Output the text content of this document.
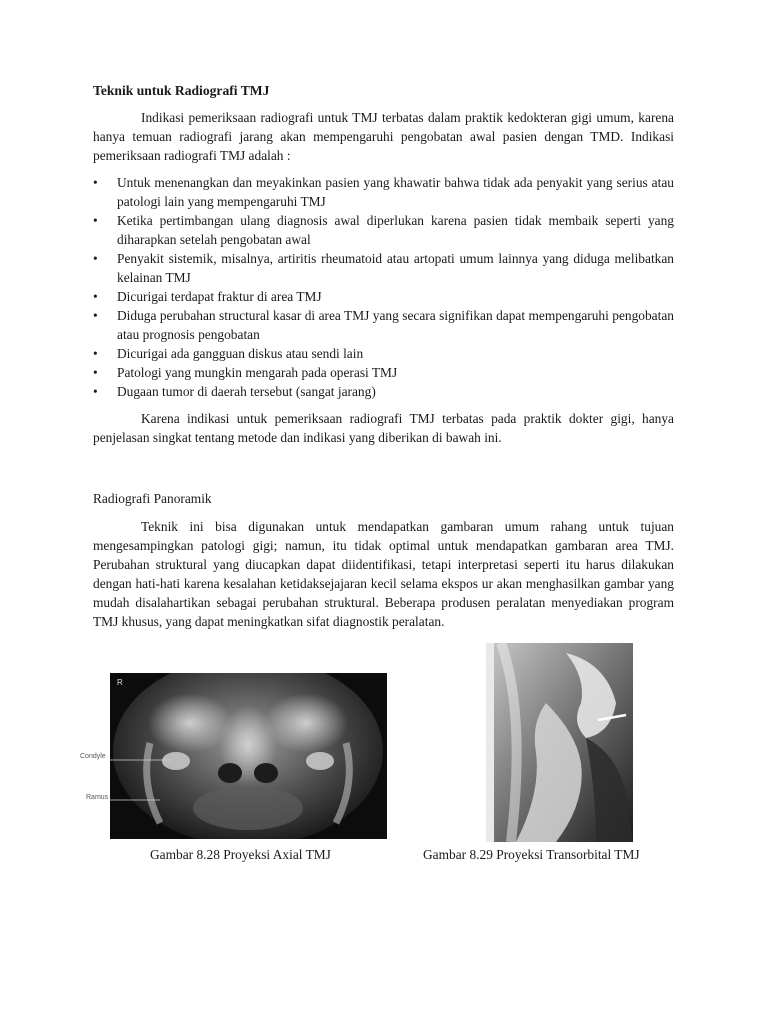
Teknik untuk Radiografi TMJ

Indikasi pemeriksaan radiografi untuk TMJ terbatas dalam praktik kedokteran gigi umum, karena hanya temuan radiografi jarang akan mempengaruhi pengobatan awal pasien dengan TMD. Indikasi pemeriksaan radiografi TMJ adalah :

• Untuk menenangkan dan meyakinkan pasien yang khawatir bahwa tidak ada penyakit yang serius atau patologi lain yang mempengaruhi TMJ
• Ketika pertimbangan ulang diagnosis awal diperlukan karena pasien tidak membaik seperti yang diharapkan setelah pengobatan awal
• Penyakit sistemik, misalnya, artiritis rheumatoid atau artopati umum lainnya yang diduga melibatkan kelainan TMJ
• Dicurigai terdapat fraktur di area TMJ
• Diduga perubahan structural kasar di area TMJ yang secara signifikan dapat mempengaruhi pengobatan atau prognosis pengobatan
• Dicurigai ada gangguan diskus atau sendi lain
• Patologi yang mungkin mengarah pada operasi TMJ
• Dugaan tumor di daerah tersebut (sangat jarang)

Karena indikasi untuk pemeriksaan radiografi TMJ terbatas pada praktik dokter gigi, hanya penjelasan singkat tentang metode dan indikasi yang diberikan di bawah ini.

Radiografi Panoramik

Teknik ini bisa digunakan untuk mendapatkan gambaran umum rahang untuk tujuan mengesampingkan patologi gigi; namun, itu tidak optimal untuk mendapatkan gambaran area TMJ. Perubahan struktural yang diucapkan dapat diidentifikasi, tetapi interpretasi seperti itu harus dilakukan dengan hati-hati karena kesalahan ketidaksejajaran kecil selama ekspos ur akan menghasilkan gambar yang mudah disalahartikan sebagai perubahan struktural. Beberapa produsen peralatan menyediakan program TMJ khusus, yang dapat meningkatkan sifat diagnostik peralatan.

R
Condyle
Ramus
Gambar 8.28 Proyeksi Axial TMJ	Gambar 8.29 Proyeksi Transorbital TMJ
